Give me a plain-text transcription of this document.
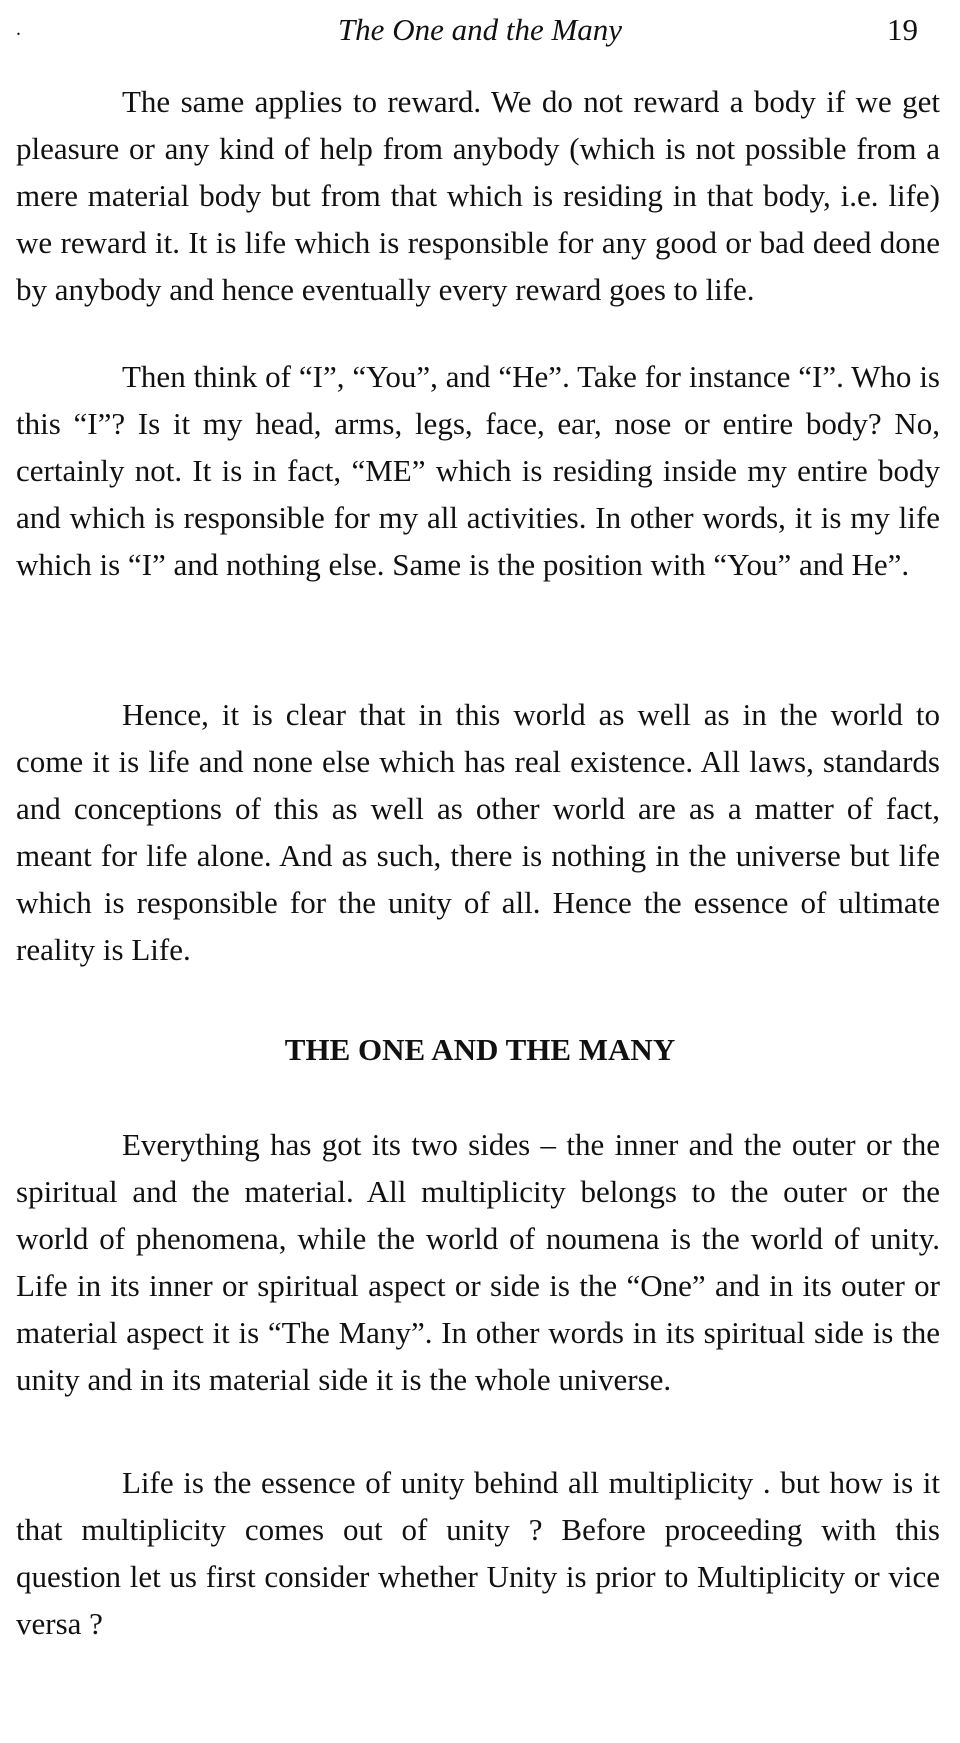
.	The One and the Many	19

The same applies to reward. We do not reward a body if we get pleasure or any kind of help from anybody (which is not possible from a mere material body but from that which is residing in that body, i.e. life) we reward it. It is life which is responsible for any good or bad deed done by anybody and hence eventually every reward goes to life.

Then think of “I”, “You”, and “He”. Take for instance “I”. Who is this “I”? Is it my head, arms, legs, face, ear, nose or entire body? No, certainly not. It is in fact, “ME” which is residing inside my entire body and which is responsible for my all activities. In other words, it is my life which is “I” and nothing else. Same is the position with “You” and He”.

Hence, it is clear that in this world as well as in the world to come it is life and none else which has real existence. All laws, standards and conceptions of this as well as other world are as a matter of fact, meant for life alone. And as such, there is nothing in the universe but life which is responsible for the unity of all. Hence the essence of ultimate reality is Life.

THE ONE AND THE MANY

Everything has got its two sides – the inner and the outer or the spiritual and the material. All multiplicity belongs to the outer or the world of phenomena, while the world of noumena is the world of unity. Life in its inner or spiritual aspect or side is the “One” and in its outer or material aspect it is “The Many”. In other words in its spiritual side is the unity and in its material side it is the whole universe.

Life is the essence of unity behind all multiplicity . but how is it that multiplicity comes out of unity ? Before proceeding with this question let us first consider whether Unity is prior to Multiplicity or vice versa ?
